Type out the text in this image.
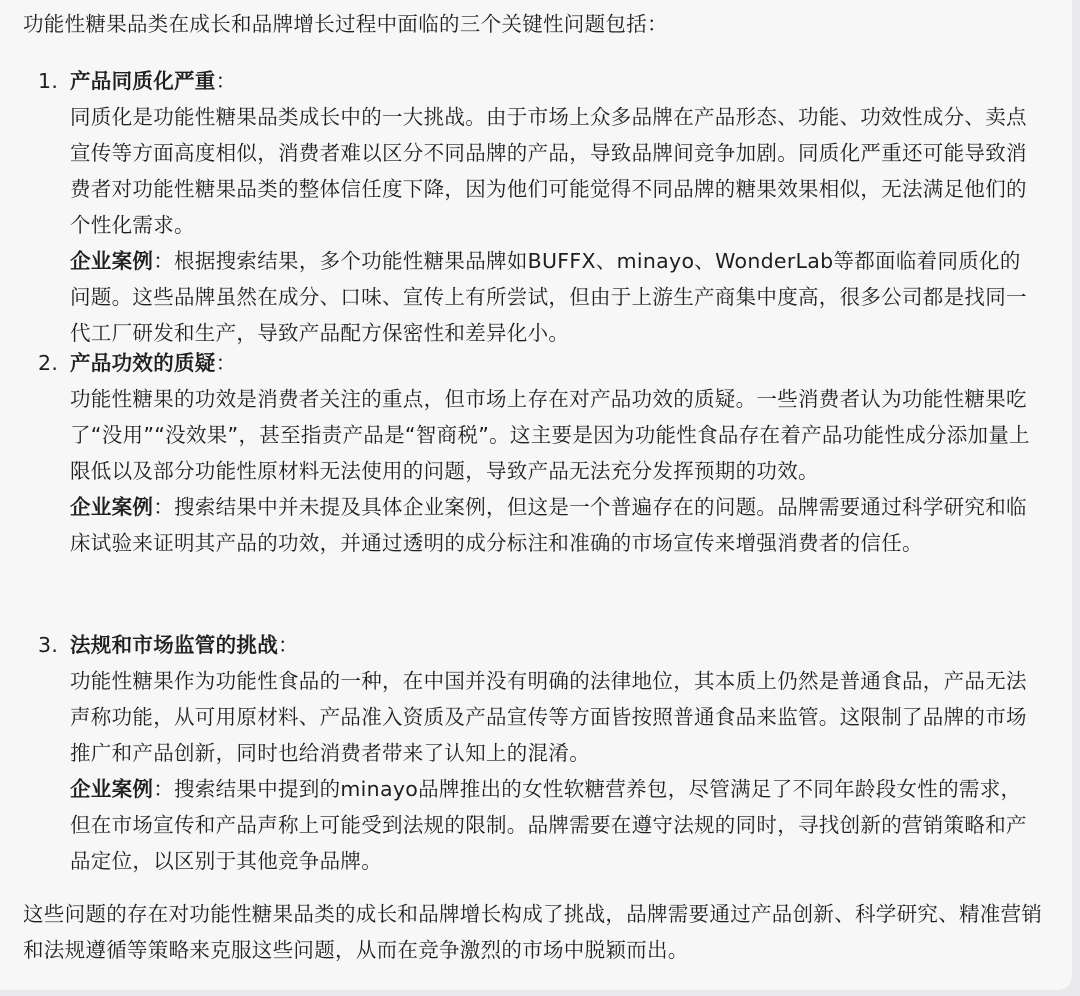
功能性糖果品类在成长和品牌增长过程中面临的三个关键性问题包括：
1. 产品同质化严重：
同质化是功能性糖果品类成长中的一大挑战。由于市场上众多品牌在产品形态、功能、功效性成分、卖点宣传等方面高度相似，消费者难以区分不同品牌的产品，导致品牌间竞争加剧。同质化严重还可能导致消费者对功能性糖果品类的整体信任度下降，因为他们可能觉得不同品牌的糖果效果相似，无法满足他们的个性化需求。
企业案例：根据搜索结果，多个功能性糖果品牌如BUFFX、minayo、WonderLab等都面临着同质化的问题。这些品牌虽然在成分、口味、宣传上有所尝试，但由于上游生产商集中度高，很多公司都是找同一代工厂研发和生产，导致产品配方保密性和差异化小。
2. 产品功效的质疑：
功能性糖果的功效是消费者关注的重点，但市场上存在对产品功效的质疑。一些消费者认为功能性糖果吃了“没用”“没效果”，甚至指责产品是“智商税”。这主要是因为功能性食品存在着产品功能性成分添加量上限低以及部分功能性原材料无法使用的问题，导致产品无法充分发挥预期的功效。
企业案例：搜索结果中并未提及具体企业案例，但这是一个普遍存在的问题。品牌需要通过科学研究和临床试验来证明其产品的功效，并通过透明的成分标注和准确的市场宣传来增强消费者的信任。
3. 法规和市场监管的挑战：
功能性糖果作为功能性食品的一种，在中国并没有明确的法律地位，其本质上仍然是普通食品，产品无法声称功能，从可用原材料、产品准入资质及产品宣传等方面皆按照普通食品来监管。这限制了品牌的市场推广和产品创新，同时也给消费者带来了认知上的混淆。
企业案例：搜索结果中提到的minayo品牌推出的女性软糖营养包，尽管满足了不同年龄段女性的需求，但在市场宣传和产品声称上可能受到法规的限制。品牌需要在遵守法规的同时，寻找创新的营销策略和产品定位，以区别于其他竞争品牌。
这些问题的存在对功能性糖果品类的成长和品牌增长构成了挑战，品牌需要通过产品创新、科学研究、精准营销和法规遵循等策略来克服这些问题，从而在竞争激烈的市场中脱颖而出。
